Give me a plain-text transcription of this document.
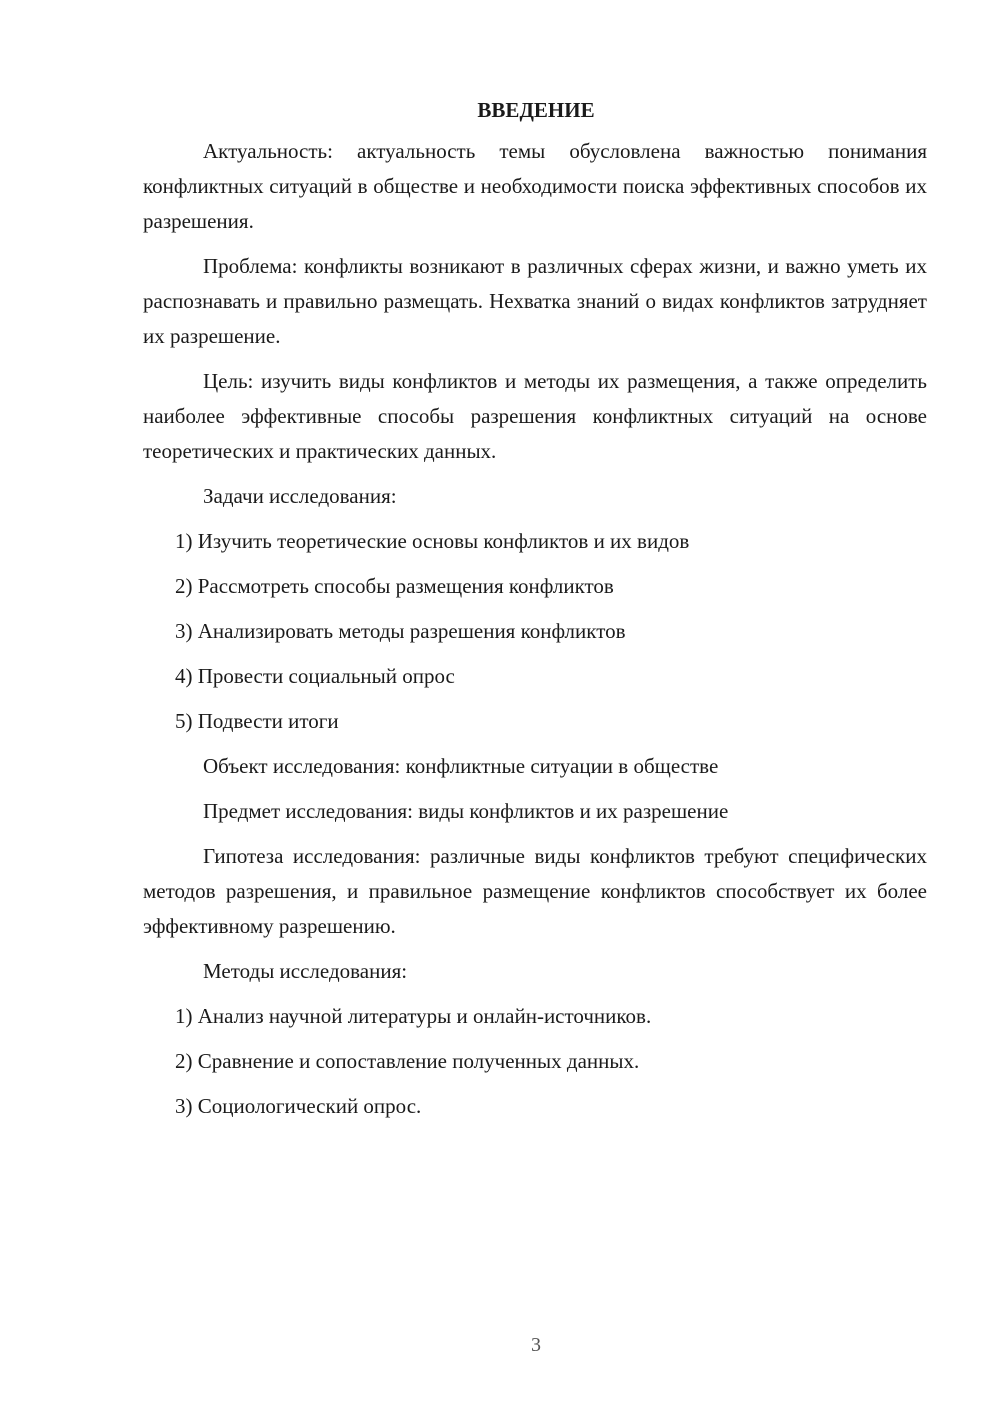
ВВЕДЕНИЕ

Актуальность: актуальность темы обусловлена важностью понимания конфликтных ситуаций в обществе и необходимости поиска эффективных способов их разрешения.

Проблема: конфликты возникают в различных сферах жизни, и важно уметь их распознавать и правильно размещать. Нехватка знаний о видах конфликтов затрудняет их разрешение.

Цель: изучить виды конфликтов и методы их размещения, а также определить наиболее эффективные способы разрешения конфликтных ситуаций на основе теоретических и практических данных.

Задачи исследования:
1) Изучить теоретические основы конфликтов и их видов
2) Рассмотреть способы размещения конфликтов
3) Анализировать методы разрешения конфликтов
4) Провести социальный опрос
5) Подвести итоги
Объект исследования: конфликтные ситуации в обществе
Предмет исследования: виды конфликтов и их разрешение

Гипотеза исследования: различные виды конфликтов требуют специфических методов разрешения, и правильное размещение конфликтов способствует их более эффективному разрешению.

Методы исследования:
1) Анализ научной литературы и онлайн-источников.
2) Сравнение и сопоставление полученных данных.
3) Социологический опрос.
3
